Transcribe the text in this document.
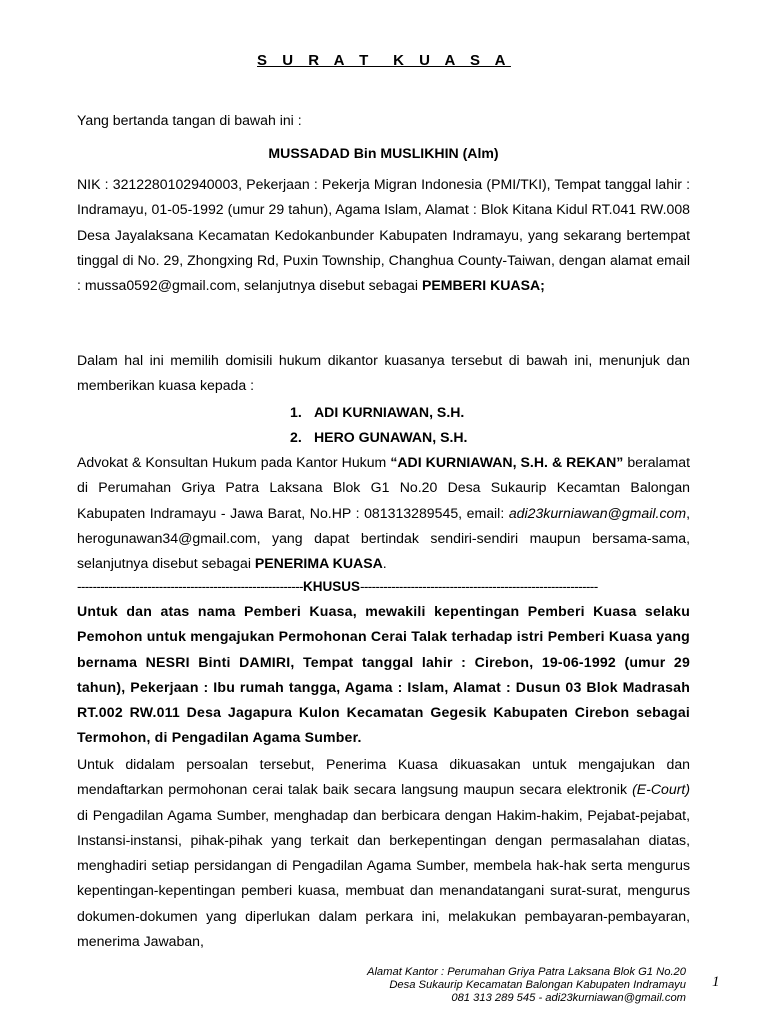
S U R A T  K U A S A
Yang bertanda tangan di bawah ini :
MUSSADAD Bin MUSLIKHIN (Alm)
NIK : 3212280102940003, Pekerjaan : Pekerja Migran Indonesia (PMI/TKI), Tempat tanggal lahir : Indramayu, 01-05-1992 (umur 29 tahun), Agama Islam, Alamat : Blok Kitana Kidul RT.041 RW.008 Desa Jayalaksana Kecamatan Kedokanbunder Kabupaten Indramayu, yang sekarang bertempat tinggal di No. 29, Zhongxing Rd, Puxin Township, Changhua County-Taiwan, dengan alamat email : mussa0592@gmail.com, selanjutnya disebut sebagai PEMBERI KUASA;
Dalam hal ini memilih domisili hukum dikantor kuasanya tersebut di bawah ini, menunjuk dan memberikan kuasa kepada :
1. ADI KURNIAWAN, S.H.
2. HERO GUNAWAN, S.H.
Advokat & Konsultan Hukum pada Kantor Hukum “ADI KURNIAWAN, S.H. & REKAN” beralamat di Perumahan Griya Patra Laksana Blok G1 No.20 Desa Sukaurip Kecamtan Balongan Kabupaten Indramayu - Jawa Barat, No.HP : 081313289545, email: adi23kurniawan@gmail.com, herogunawan34@gmail.com, yang dapat bertindak sendiri-sendiri maupun bersama-sama, selanjutnya disebut sebagai PENERIMA KUASA.
----------------------------------------------------------KHUSUS-------------------------------------------------------------
Untuk dan atas nama Pemberi Kuasa, mewakili kepentingan Pemberi Kuasa selaku Pemohon untuk mengajukan Permohonan Cerai Talak terhadap istri Pemberi Kuasa yang bernama NESRI Binti DAMIRI, Tempat tanggal lahir : Cirebon, 19-06-1992 (umur 29 tahun), Pekerjaan : Ibu rumah tangga, Agama : Islam, Alamat : Dusun 03 Blok Madrasah RT.002 RW.011 Desa Jagapura Kulon Kecamatan Gegesik Kabupaten Cirebon sebagai Termohon, di Pengadilan Agama Sumber.
Untuk didalam persoalan tersebut, Penerima Kuasa dikuasakan untuk mengajukan dan mendaftarkan permohonan cerai talak baik secara langsung maupun secara elektronik (E-Court) di Pengadilan Agama Sumber, menghadap dan berbicara dengan Hakim-hakim, Pejabat-pejabat, Instansi-instansi, pihak-pihak yang terkait dan berkepentingan dengan permasalahan diatas, menghadiri setiap persidangan di Pengadilan Agama Sumber, membela hak-hak serta mengurus kepentingan-kepentingan pemberi kuasa, membuat dan menandatangani surat-surat, mengurus dokumen-dokumen yang diperlukan dalam perkara ini, melakukan pembayaran-pembayaran, menerima Jawaban,
Alamat Kantor : Perumahan Griya Patra Laksana Blok G1 No.20
Desa Sukaurip Kecamatan Balongan Kabupaten Indramayu
081 313 289 545 - adi23kurniawan@gmail.com
1
